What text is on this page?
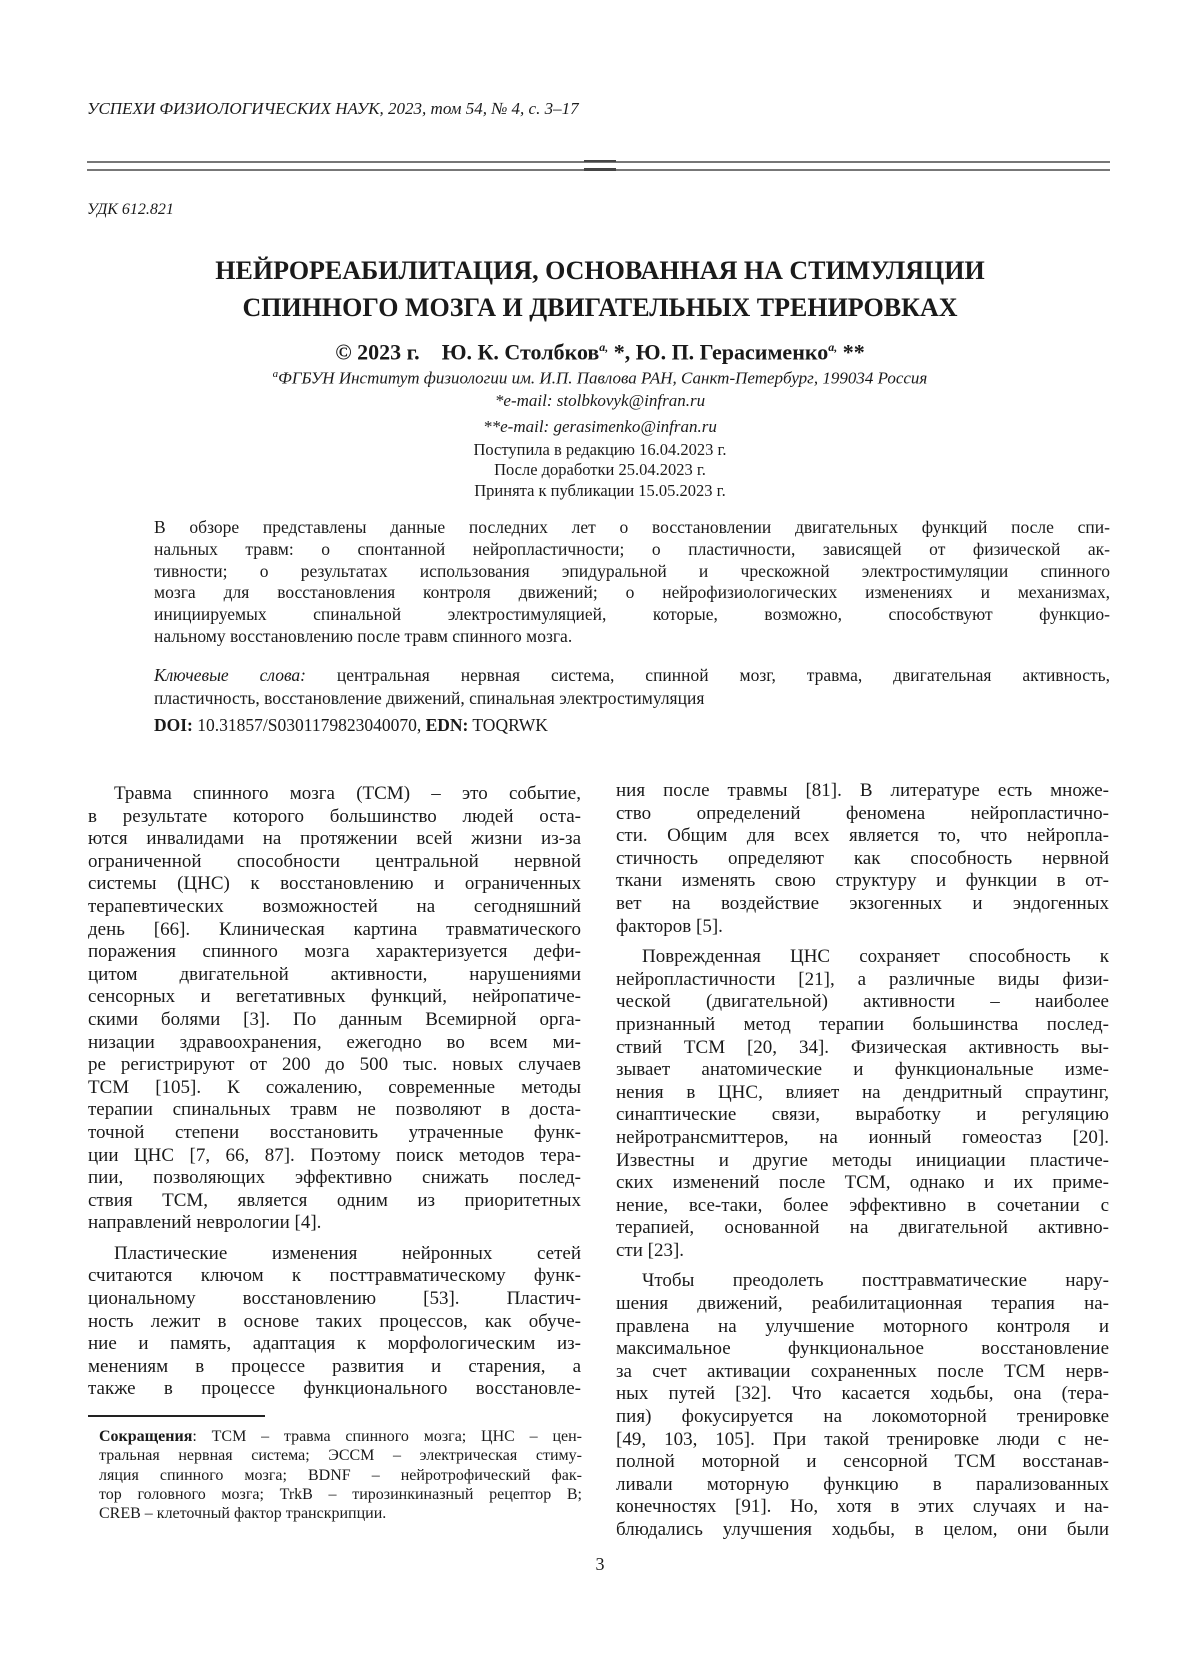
УСПЕХИ ФИЗИОЛОГИЧЕСКИХ НАУК, 2023, том 54, № 4, с. 3–17
УДК 612.821
НЕЙРОРЕАБИЛИТАЦИЯ, ОСНОВАННАЯ НА СТИМУЛЯЦИИ
СПИННОГО МОЗГА И ДВИГАТЕЛЬНЫХ ТРЕНИРОВКАХ
© 2023 г. Ю. К. Столбковa, *, Ю. П. Герасименкоa, **
aФГБУН Институт физиологии им. И.П. Павлова РАН, Санкт-Петербург, 199034 Россия
*e-mail: stolbkovyk@infran.ru
**e-mail: gerasimenko@infran.ru
Поступила в редакцию 16.04.2023 г.
После доработки 25.04.2023 г.
Принята к публикации 15.05.2023 г.
В обзоре представлены данные последних лет о восстановлении двигательных функций после спи-
нальных травм: о спонтанной нейропластичности; о пластичности, зависящей от физической ак-
тивности; о результатах использования эпидуральной и чрескожной электростимуляции спинного
мозга для восстановления контроля движений; о нейрофизиологических изменениях и механизмах,
инициируемых спинальной электростимуляцией, которые, возможно, способствуют функцио-
нальному восстановлению после травм спинного мозга.
Ключевые слова: центральная нервная система, спинной мозг, травма, двигательная активность,
пластичность, восстановление движений, спинальная электростимуляция
DOI: 10.31857/S0301179823040070, EDN: TOQRWK
Травма спинного мозга (ТСМ) – это событие,
в результате которого большинство людей оста-
ются инвалидами на протяжении всей жизни из-за
ограниченной способности центральной нервной
системы (ЦНС) к восстановлению и ограниченных
терапевтических возможностей на сегодняшний
день [66]. Клиническая картина травматического
поражения спинного мозга характеризуется дефи-
цитом двигательной активности, нарушениями
сенсорных и вегетативных функций, нейропатиче-
скими болями [3]. По данным Всемирной орга-
низации здравоохранения, ежегодно во всем ми-
ре регистрируют от 200 до 500 тыс. новых случаев
ТСМ [105]. К сожалению, современные методы
терапии спинальных травм не позволяют в доста-
точной степени восстановить утраченные функ-
ции ЦНС [7, 66, 87]. Поэтому поиск методов тера-
пии, позволяющих эффективно снижать послед-
ствия ТСМ, является одним из приоритетных
направлений неврологии [4].
Пластические изменения нейронных сетей
считаются ключом к посттравматическому функ-
циональному восстановлению [53]. Пластич-
ность лежит в основе таких процессов, как обуче-
ние и память, адаптация к морфологическим из-
менениям в процессе развития и старения, а
также в процессе функционального восстановле-
ния после травмы [81]. В литературе есть множе-
ство определений феномена нейропластично-
сти. Общим для всех является то, что нейропла-
стичность определяют как способность нервной
ткани изменять свою структуру и функции в от-
вет на воздействие экзогенных и эндогенных
факторов [5].
Поврежденная ЦНС сохраняет способность к
нейропластичности [21], а различные виды физи-
ческой (двигательной) активности – наиболее
признанный метод терапии большинства послед-
ствий ТСМ [20, 34]. Физическая активность вы-
зывает анатомические и функциональные изме-
нения в ЦНС, влияет на дендритный спраутинг,
синаптические связи, выработку и регуляцию
нейротрансмиттеров, на ионный гомеостаз [20].
Известны и другие методы инициации пластиче-
ских изменений после ТСМ, однако и их приме-
нение, все-таки, более эффективно в сочетании с
терапией, основанной на двигательной активно-
сти [23].
Чтобы преодолеть посттравматические нару-
шения движений, реабилитационная терапия на-
правлена на улучшение моторного контроля и
максимальное функциональное восстановление
за счет активации сохраненных после ТСМ нерв-
ных путей [32]. Что касается ходьбы, она (тера-
пия) фокусируется на локомоторной тренировке
[49, 103, 105]. При такой тренировке люди с не-
полной моторной и сенсорной ТСМ восстанав-
ливали моторную функцию в парализованных
конечностях [91]. Но, хотя в этих случаях и на-
блюдались улучшения ходьбы, в целом, они были
Сокращения: ТСМ – травма спинного мозга; ЦНС – цен-
тральная нервная система; ЭССМ – электрическая стиму-
ляция спинного мозга; BDNF – нейротрофический фак-
тор головного мозга; TrkB – тирозинкиназный рецептор B;
CREB – клеточный фактор транскрипции.
3
